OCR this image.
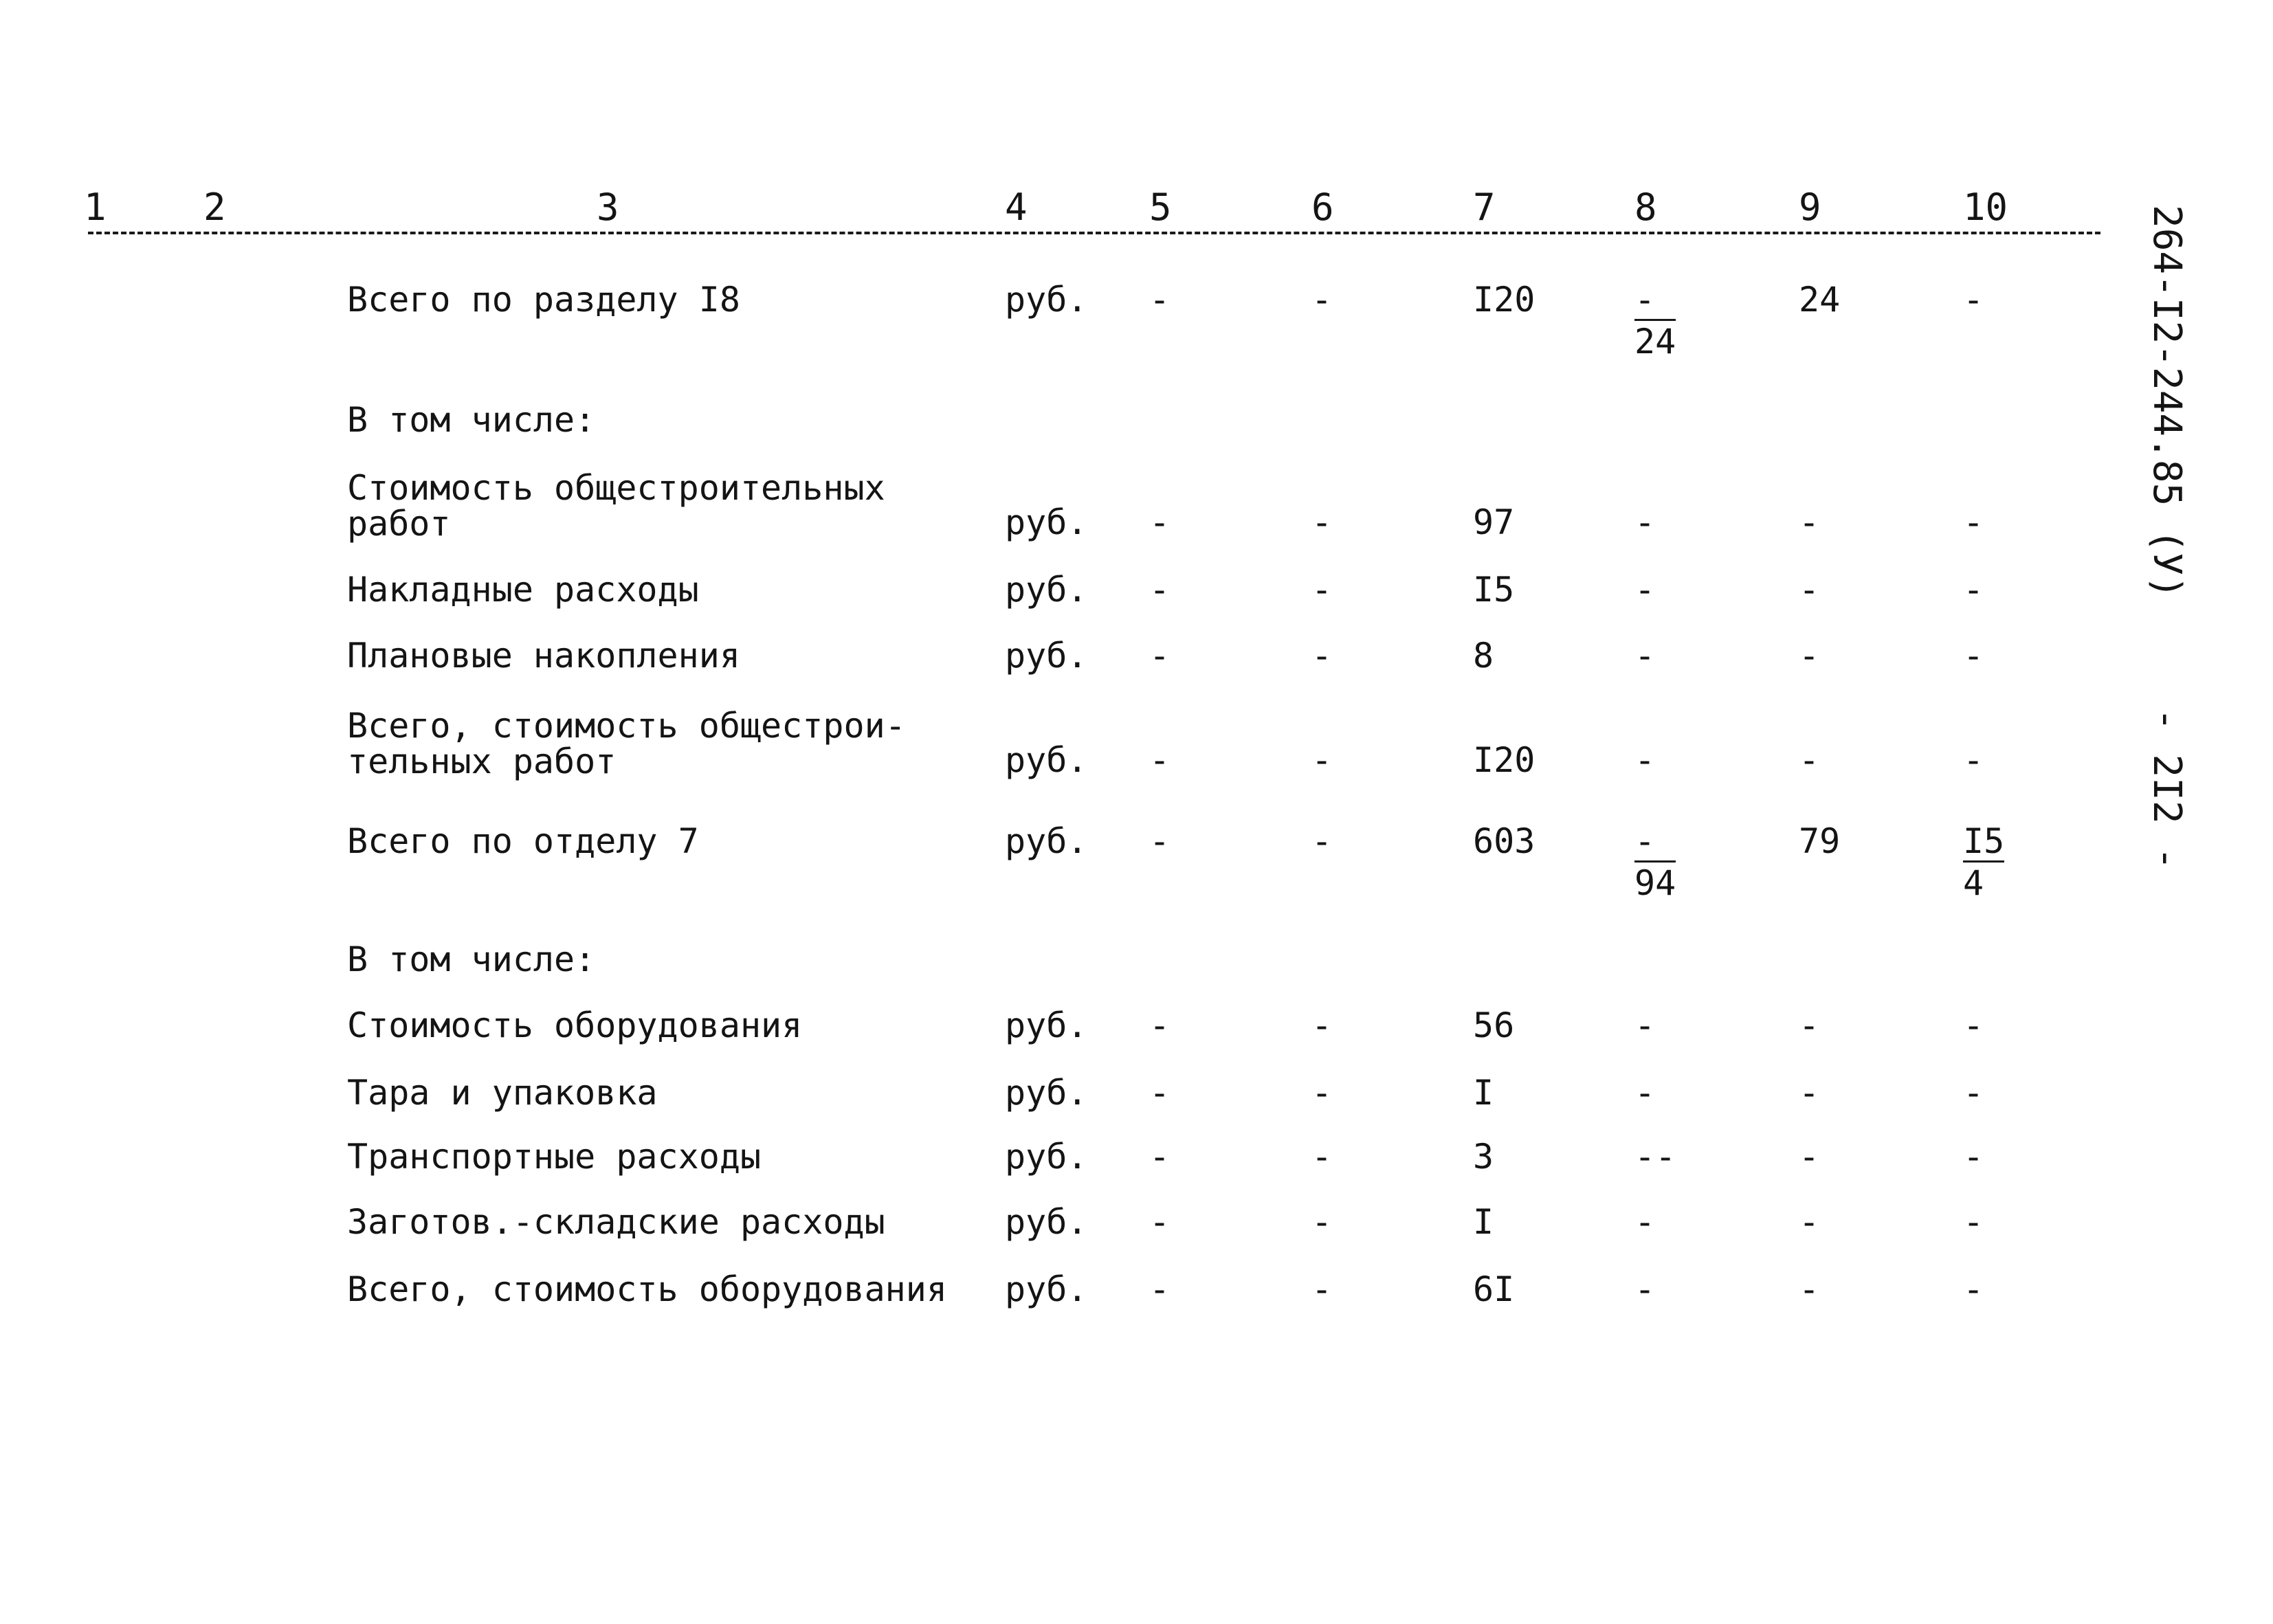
1	2	3	4	5	6	7	8	9	10
Всего по разделу I8	руб. -	-	I20	$\frac{-}{24}$	24	-
В том числе:
Стоимость общестроительных
работ	руб. -	-	97	-	-	-
Накладные расходы	руб. -	-	I5	-	-	-
Плановые накопления	руб. -	-	8	-	-	-
Всего, стоимость общестрои-
тельных работ	руб. -	-	I20	-	-	-
Всего по отделу 7	руб. -	-	603	$\frac{-}{94}$	79	$\frac{I5}{4}$
В том числе:
Стоимость оборудования	руб. -	-	56	-	-	-
Тара и упаковка	руб. -	-	I	-	-	-
Транспортные расходы	руб. -	-	3	--	-	-
Заготов.-складские расходы	руб. -	-	I	-	-	-
Всего, стоимость оборудования руб. -	-	6I	-	-	-
264-I2-244.85 (У)
- 2I2 -
